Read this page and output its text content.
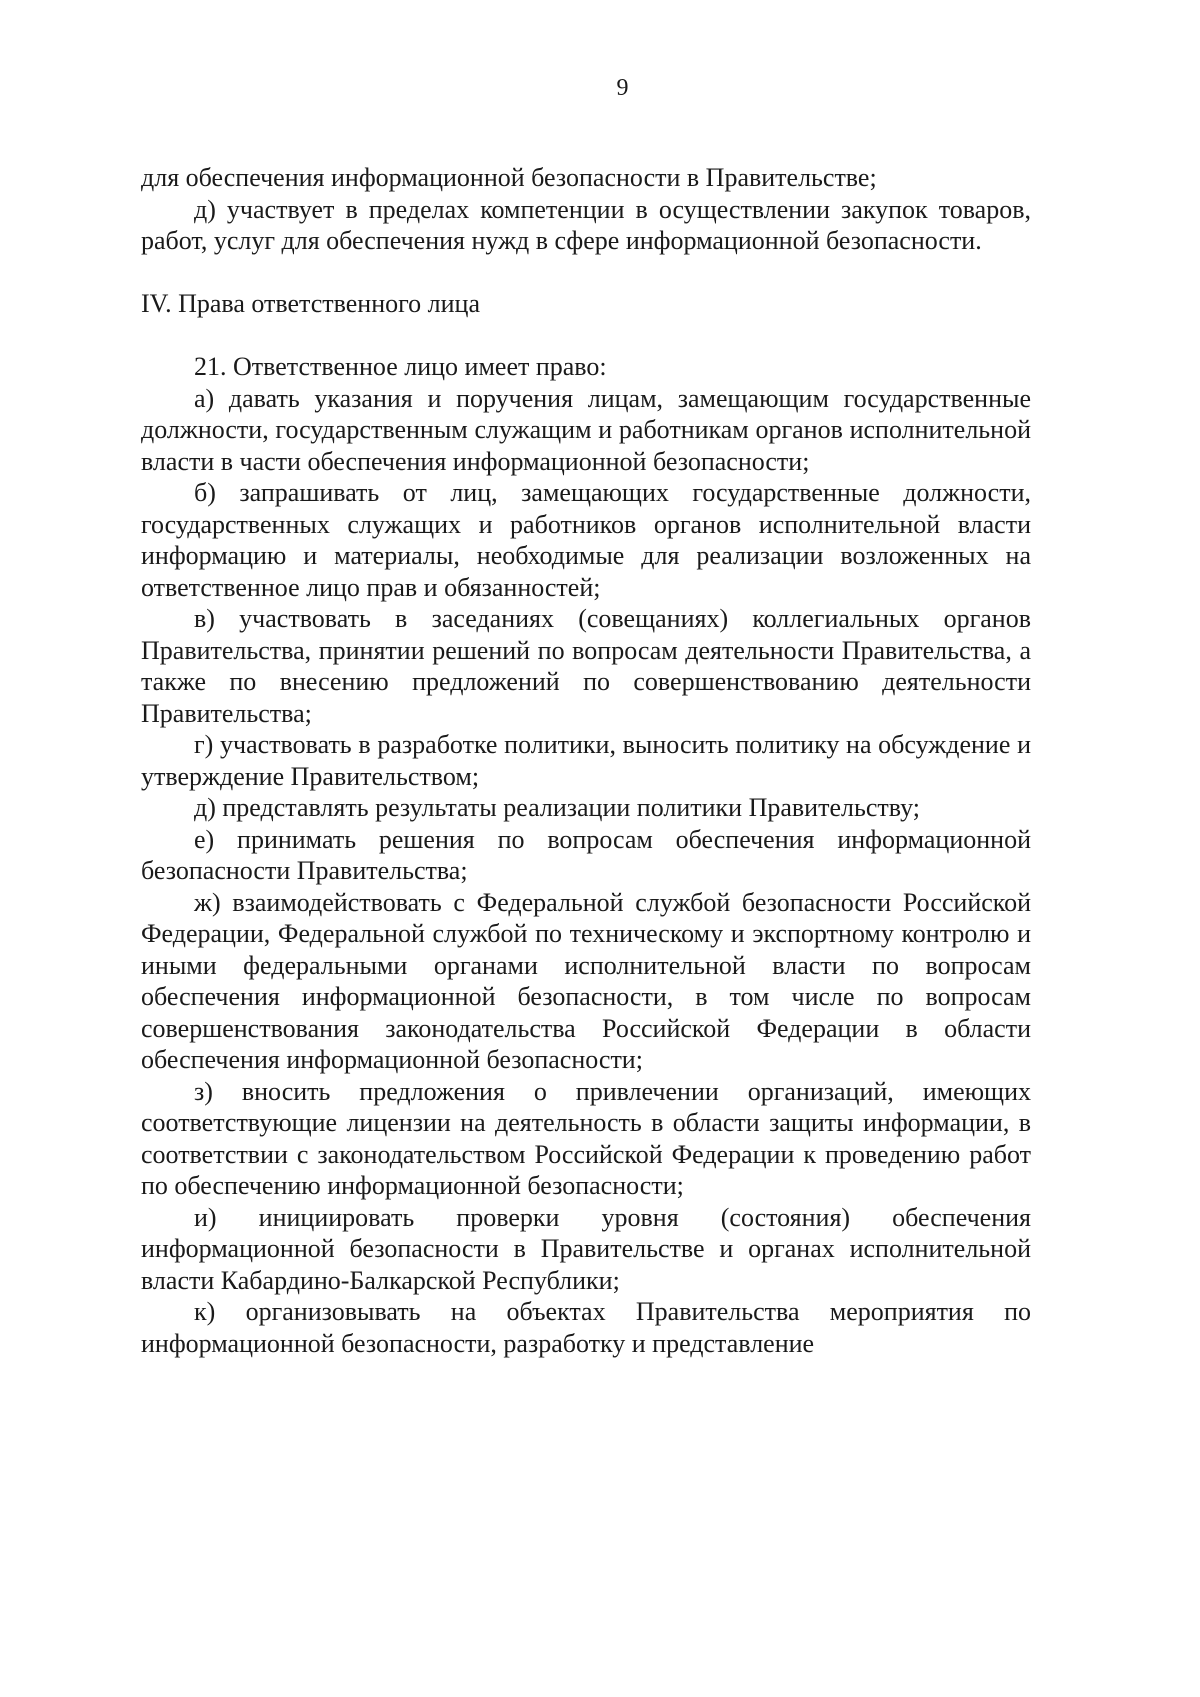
9

для обеспечения информационной безопасности в Правительстве;

д) участвует в пределах компетенции в осуществлении закупок товаров, работ, услуг для обеспечения нужд в сфере информационной безопасности.

IV. Права ответственного лица

21. Ответственное лицо имеет право:

а) давать указания и поручения лицам, замещающим государственные должности, государственным служащим и работникам органов исполнительной власти в части обеспечения информационной безопасности;

б) запрашивать от лиц, замещающих государственные должности, государственных служащих и работников органов исполнительной власти информацию и материалы, необходимые для реализации возложенных на ответственное лицо прав и обязанностей;

в) участвовать в заседаниях (совещаниях) коллегиальных органов Правительства, принятии решений по вопросам деятельности Правительства, а также по внесению предложений по совершенствованию деятельности Правительства;

г) участвовать в разработке политики, выносить политику на обсуждение и утверждение Правительством;

д) представлять результаты реализации политики Правительству;

е) принимать решения по вопросам обеспечения информационной безопасности Правительства;

ж) взаимодействовать с Федеральной службой безопасности Российской Федерации, Федеральной службой по техническому и экспортному контролю и иными федеральными органами исполнительной власти по вопросам обеспечения информационной безопасности, в том числе по вопросам совершенствования законодательства Российской Федерации в области обеспечения информационной безопасности;

з) вносить предложения о привлечении организаций, имеющих соответствующие лицензии на деятельность в области защиты информации, в соответствии с законодательством Российской Федерации к проведению работ по обеспечению информационной безопасности;

и) инициировать проверки уровня (состояния) обеспечения информационной безопасности в Правительстве и органах исполнительной власти Кабардино-Балкарской Республики;

к) организовывать на объектах Правительства мероприятия по информационной безопасности, разработку и представление
